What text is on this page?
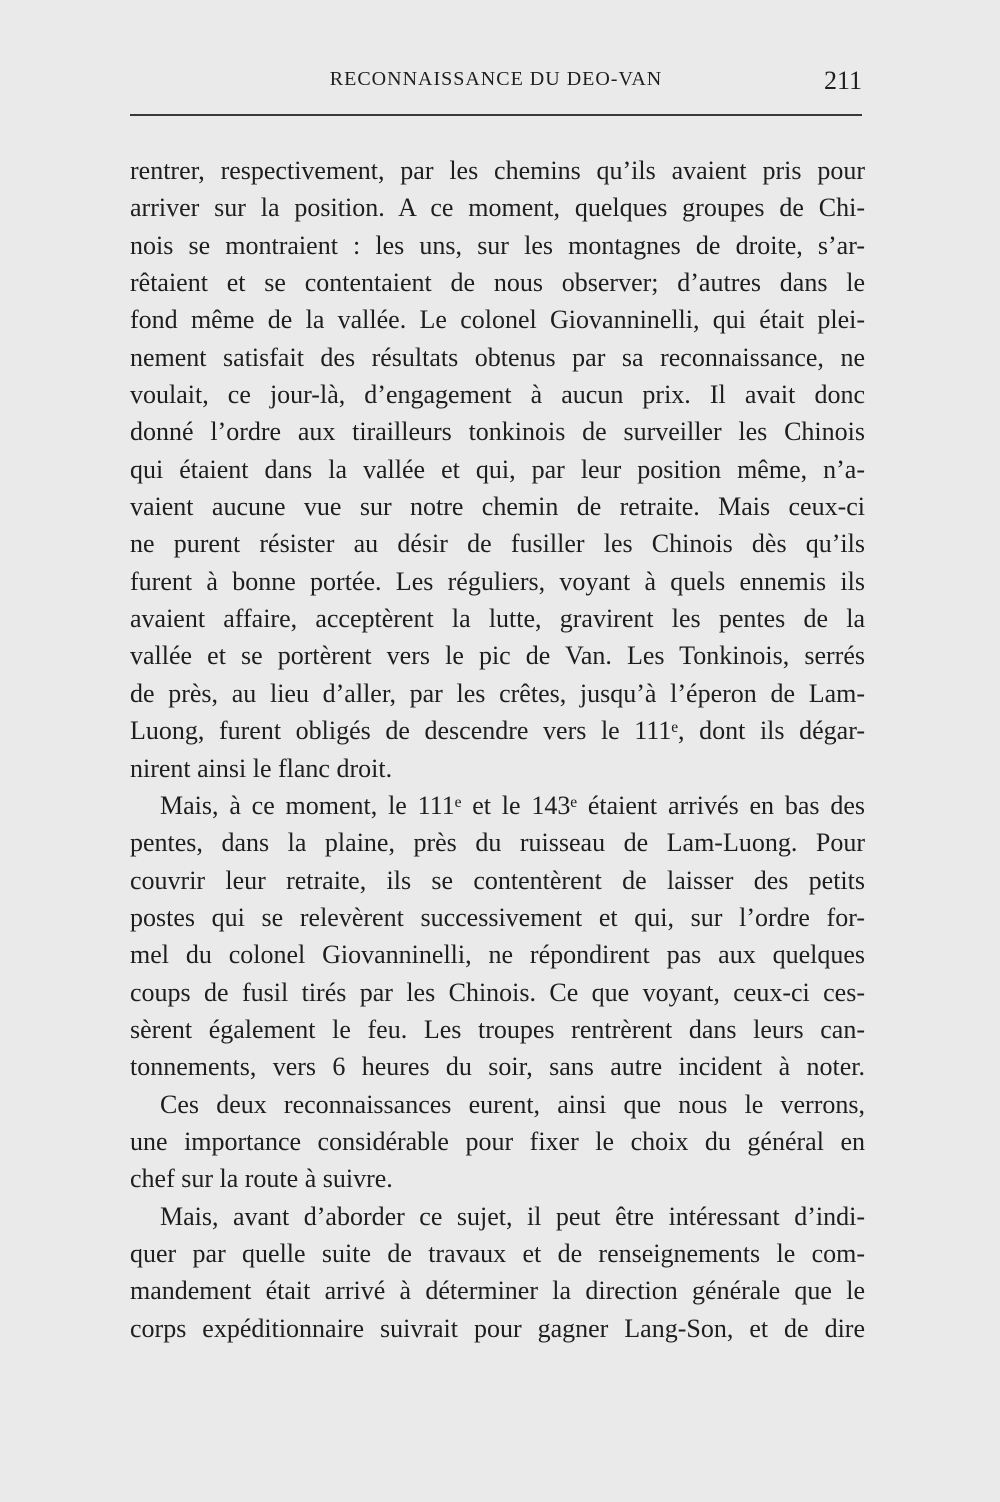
RECONNAISSANCE DU DEO-VAN	211
rentrer, respectivement, par les chemins qu’ils avaient pris pour
arriver sur la position. A ce moment, quelques groupes de Chi-
nois se montraient : les uns, sur les montagnes de droite, s’ar-
rêtaient et se contentaient de nous observer; d’autres dans le
fond même de la vallée. Le colonel Giovanninelli, qui était plei-
nement satisfait des résultats obtenus par sa reconnaissance, ne
voulait, ce jour-là, d’engagement à aucun prix. Il avait donc
donné l’ordre aux tirailleurs tonkinois de surveiller les Chinois
qui étaient dans la vallée et qui, par leur position même, n’a-
vaient aucune vue sur notre chemin de retraite. Mais ceux-ci
ne purent résister au désir de fusiller les Chinois dès qu’ils
furent à bonne portée. Les réguliers, voyant à quels ennemis ils
avaient affaire, acceptèrent la lutte, gravirent les pentes de la
vallée et se portèrent vers le pic de Van. Les Tonkinois, serrés
de près, au lieu d’aller, par les crêtes, jusqu’à l’éperon de Lam-
Luong, furent obligés de descendre vers le 111ᵉ, dont ils dégar-
nirent ainsi le flanc droit.
Mais, à ce moment, le 111ᵉ et le 143ᵉ étaient arrivés en bas des
pentes, dans la plaine, près du ruisseau de Lam-Luong. Pour
couvrir leur retraite, ils se contentèrent de laisser des petits
postes qui se relevèrent successivement et qui, sur l’ordre for-
mel du colonel Giovanninelli, ne répondirent pas aux quelques
coups de fusil tirés par les Chinois. Ce que voyant, ceux-ci ces-
sèrent également le feu. Les troupes rentrèrent dans leurs can-
tonnements, vers 6 heures du soir, sans autre incident à noter.
Ces deux reconnaissances eurent, ainsi que nous le verrons,
une importance considérable pour fixer le choix du général en
chef sur la route à suivre.
Mais, avant d’aborder ce sujet, il peut être intéressant d’indi-
quer par quelle suite de travaux et de renseignements le com-
mandement était arrivé à déterminer la direction générale que le
corps expéditionnaire suivrait pour gagner Lang-Son, et de dire
